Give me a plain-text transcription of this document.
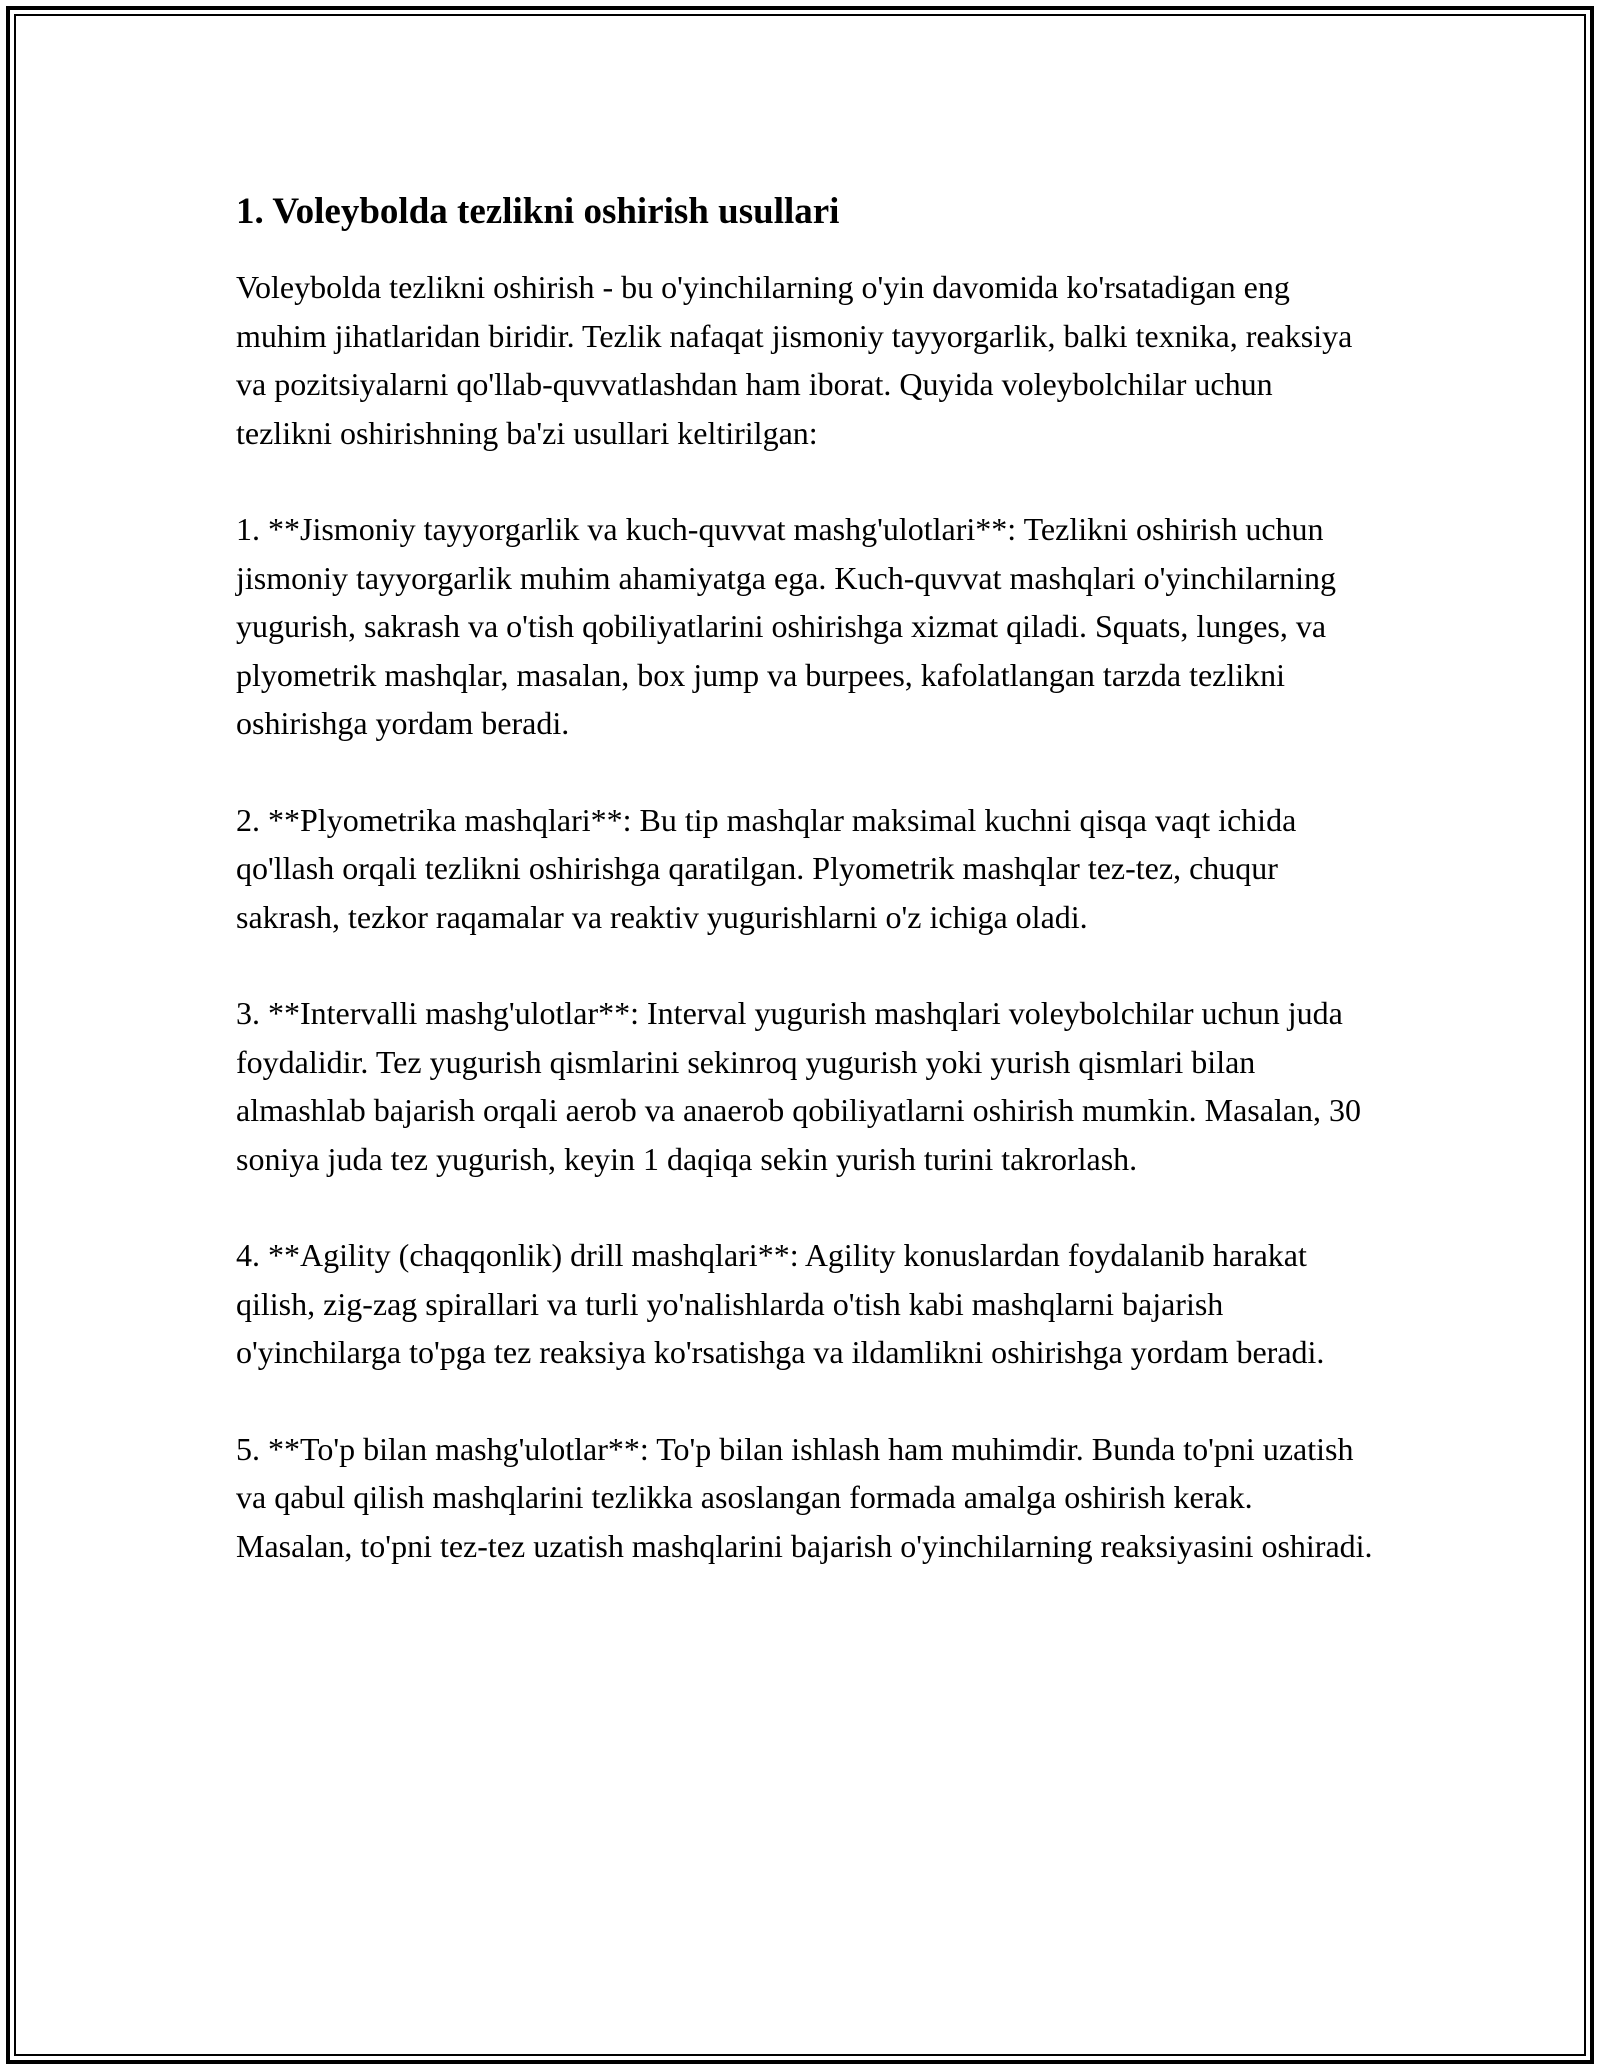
1. Voleybolda tezlikni oshirish usullari

Voleybolda tezlikni oshirish - bu o'yinchilarning o'yin davomida ko'rsatadigan eng muhim jihatlaridan biridir. Tezlik nafaqat jismoniy tayyorgarlik, balki texnika, reaksiya va pozitsiyalarni qo'llab-quvvatlashdan ham iborat. Quyida voleybolchilar uchun tezlikni oshirishning ba'zi usullari keltirilgan:

1. **Jismoniy tayyorgarlik va kuch-quvvat mashg'ulotlari**: Tezlikni oshirish uchun jismoniy tayyorgarlik muhim ahamiyatga ega. Kuch-quvvat mashqlari o'yinchilarning yugurish, sakrash va o'tish qobiliyatlarini oshirishga xizmat qiladi. Squats, lunges, va plyometrik mashqlar, masalan, box jump va burpees, kafolatlangan tarzda tezlikni oshirishga yordam beradi.

2. **Plyometrika mashqlari**: Bu tip mashqlar maksimal kuchni qisqa vaqt ichida qo'llash orqali tezlikni oshirishga qaratilgan. Plyometrik mashqlar tez-tez, chuqur sakrash, tezkor raqamalar va reaktiv yugurishlarni o'z ichiga oladi.

3. **Intervalli mashg'ulotlar**: Interval yugurish mashqlari voleybolchilar uchun juda foydalidir. Tez yugurish qismlarini sekinroq yugurish yoki yurish qismlari bilan almashlab bajarish orqali aerob va anaerob qobiliyatlarni oshirish mumkin. Masalan, 30 soniya juda tez yugurish, keyin 1 daqiqa sekin yurish turini takrorlash.

4. **Agility (chaqqonlik) drill mashqlari**: Agility konuslardan foydalanib harakat qilish, zig-zag spirallari va turli yo'nalishlarda o'tish kabi mashqlarni bajarish o'yinchilarga to'pga tez reaksiya ko'rsatishga va ildamlikni oshirishga yordam beradi.

5. **To'p bilan mashg'ulotlar**: To'p bilan ishlash ham muhimdir. Bunda to'pni uzatish va qabul qilish mashqlarini tezlikka asoslangan formada amalga oshirish kerak. Masalan, to'pni tez-tez uzatish mashqlarini bajarish o'yinchilarning reaksiyasini oshiradi.
